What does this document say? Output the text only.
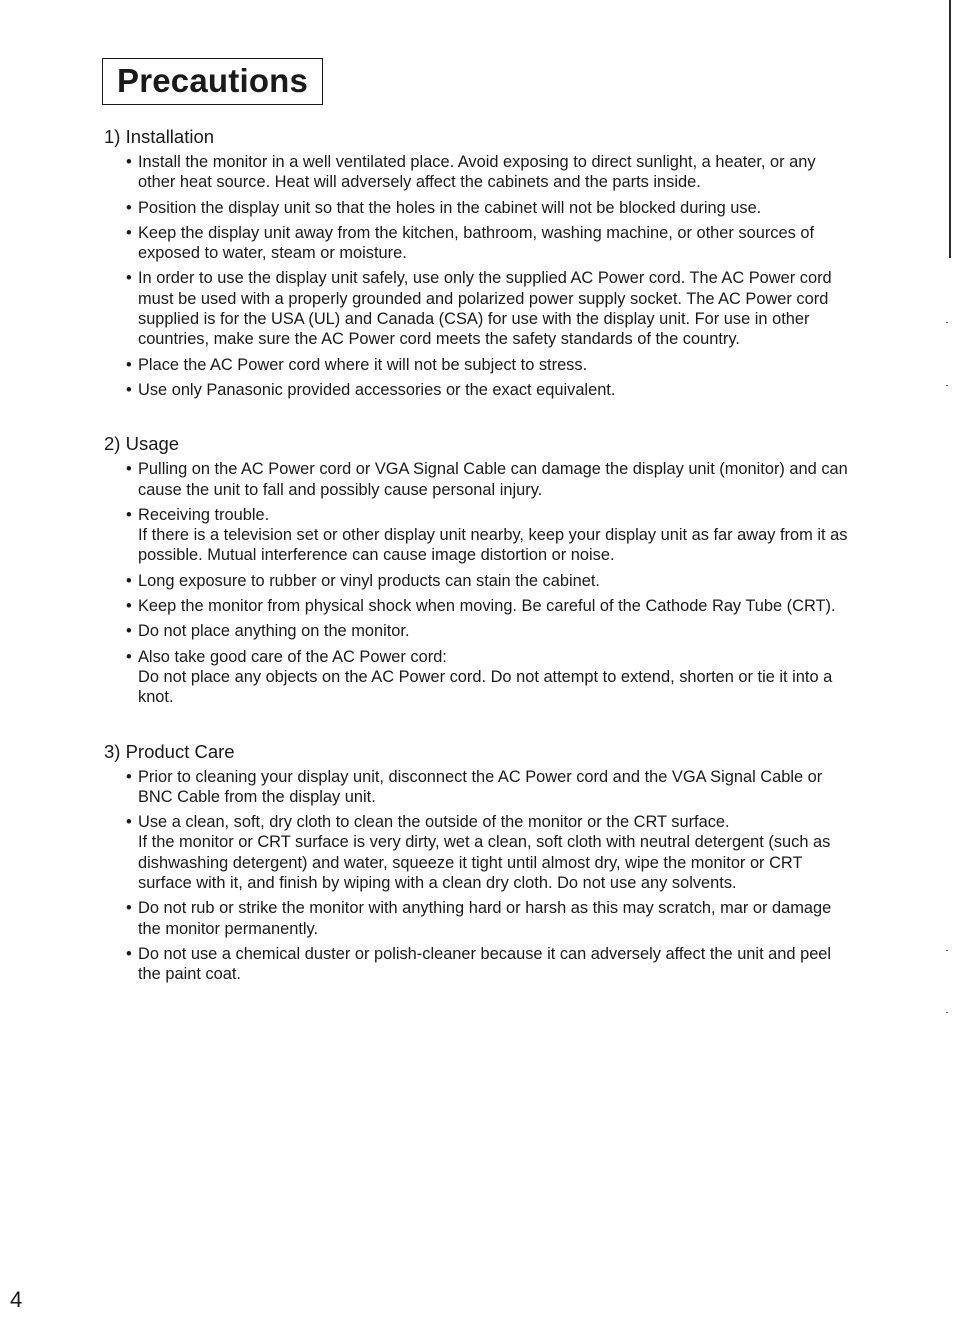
Precautions
1) Installation
• Install the monitor in a well ventilated place. Avoid exposing to direct sunlight, a heater, or any other heat source. Heat will adversely affect the cabinets and the parts inside.
• Position the display unit so that the holes in the cabinet will not be blocked during use.
• Keep the display unit away from the kitchen, bathroom, washing machine, or other sources of exposed to water, steam or moisture.
• In order to use the display unit safely, use only the supplied AC Power cord. The AC Power cord must be used with a properly grounded and polarized power supply socket. The AC Power cord supplied is for the USA (UL) and Canada (CSA) for use with the display unit. For use in other countries, make sure the AC Power cord meets the safety standards of the country.
• Place the AC Power cord where it will not be subject to stress.
• Use only Panasonic provided accessories or the exact equivalent.
2) Usage
• Pulling on the AC Power cord or VGA Signal Cable can damage the display unit (monitor) and can cause the unit to fall and possibly cause personal injury.
• Receiving trouble.
If there is a television set or other display unit nearby, keep your display unit as far away from it as possible. Mutual interference can cause image distortion or noise.
• Long exposure to rubber or vinyl products can stain the cabinet.
• Keep the monitor from physical shock when moving. Be careful of the Cathode Ray Tube (CRT).
• Do not place anything on the monitor.
• Also take good care of the AC Power cord:
Do not place any objects on the AC Power cord. Do not attempt to extend, shorten or tie it into a knot.
3) Product Care
• Prior to cleaning your display unit, disconnect the AC Power cord and the VGA Signal Cable or BNC Cable from the display unit.
• Use a clean, soft, dry cloth to clean the outside of the monitor or the CRT surface.
If the monitor or CRT surface is very dirty, wet a clean, soft cloth with neutral detergent (such as dishwashing detergent) and water, squeeze it tight until almost dry, wipe the monitor or CRT surface with it, and finish by wiping with a clean dry cloth. Do not use any solvents.
• Do not rub or strike the monitor with anything hard or harsh as this may scratch, mar or damage the monitor permanently.
• Do not use a chemical duster or polish-cleaner because it can adversely affect the unit and peel the paint coat.
4
